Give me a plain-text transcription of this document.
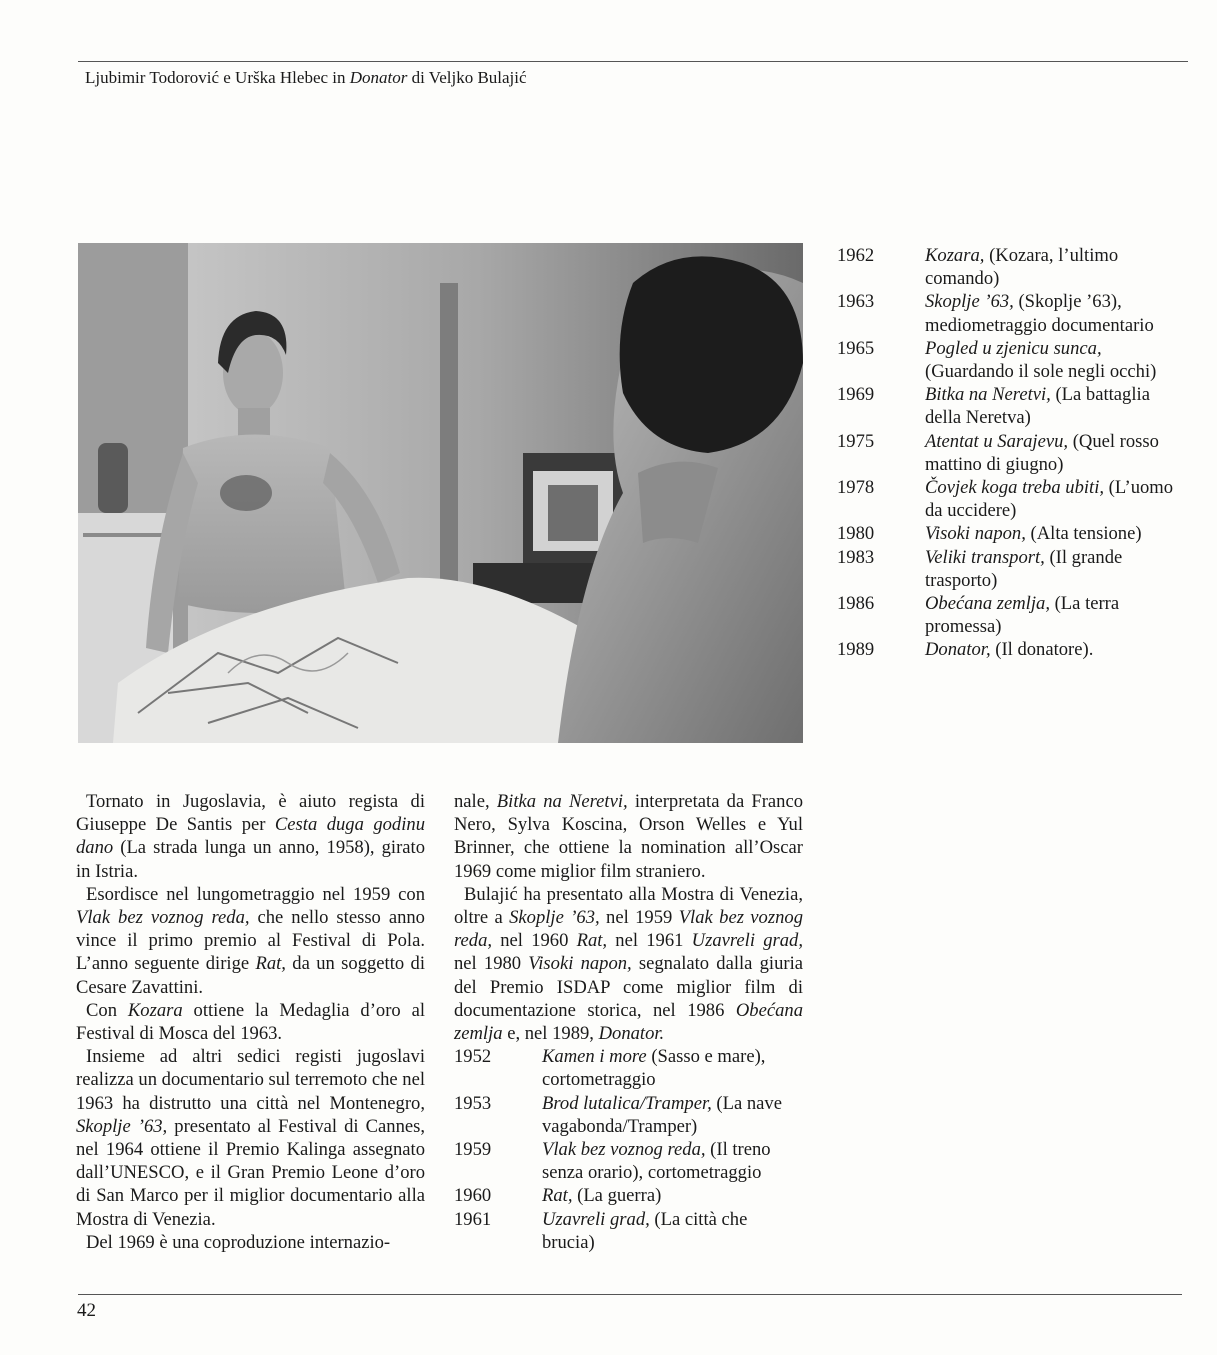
Ljubimir Todorović e Urška Hlebec in Donator di Veljko Bulajić
1962	Kozara, (Kozara, l’ultimo comando)
1963	Skoplje ’63, (Skoplje ’63), mediometraggio documentario
1965	Pogled u zjenicu sunca, (Guardando il sole negli occhi)
1969	Bitka na Neretvi, (La battaglia della Neretva)
1975	Atentat u Sarajevu, (Quel rosso mattino di giugno)
1978	Čovjek koga treba ubiti, (L’uomo da uccidere)
1980	Visoki napon, (Alta tensione)
1983	Veliki transport, (Il grande trasporto)
1986	Obećana zemlja, (La terra promessa)
1989	Donator, (Il donatore).

Tornato in Jugoslavia, è aiuto regista di Giuseppe De Santis per Cesta duga godinu dano (La strada lunga un anno, 1958), girato in Istria.

Esordisce nel lungometraggio nel 1959 con Vlak bez voznog reda, che nello stesso anno vince il primo premio al Festival di Pola. L’anno seguente dirige Rat, da un soggetto di Cesare Zavattini.

Con Kozara ottiene la Medaglia d’oro al Festival di Mosca del 1963.

Insieme ad altri sedici registi jugoslavi realizza un documentario sul terremoto che nel 1963 ha distrutto una città nel Montenegro, Skoplje ’63, presentato al Festival di Cannes, nel 1964 ottiene il Premio Kalinga assegnato dall’UNESCO, e il Gran Premio Leone d’oro di San Marco per il miglior documentario alla Mostra di Venezia.

Del 1969 è una coproduzione internazio-

nale, Bitka na Neretvi, interpretata da Franco Nero, Sylva Koscina, Orson Welles e Yul Brinner, che ottiene la nomination all’Oscar 1969 come miglior film straniero.

Bulajić ha presentato alla Mostra di Venezia, oltre a Skoplje ’63, nel 1959 Vlak bez voznog reda, nel 1960 Rat, nel 1961 Uzavreli grad, nel 1980 Visoki napon, segnalato dalla giuria del Premio ISDAP come miglior film di documentazione storica, nel 1986 Obećana zemlja e, nel 1989, Donator.

1952	Kamen i more (Sasso e mare), cortometraggio
1953	Brod lutalica/Tramper, (La nave vagabonda/Tramper)
1959	Vlak bez voznog reda, (Il treno senza orario), cortometraggio
1960	Rat, (La guerra)
1961	Uzavreli grad, (La città che brucia)
42
